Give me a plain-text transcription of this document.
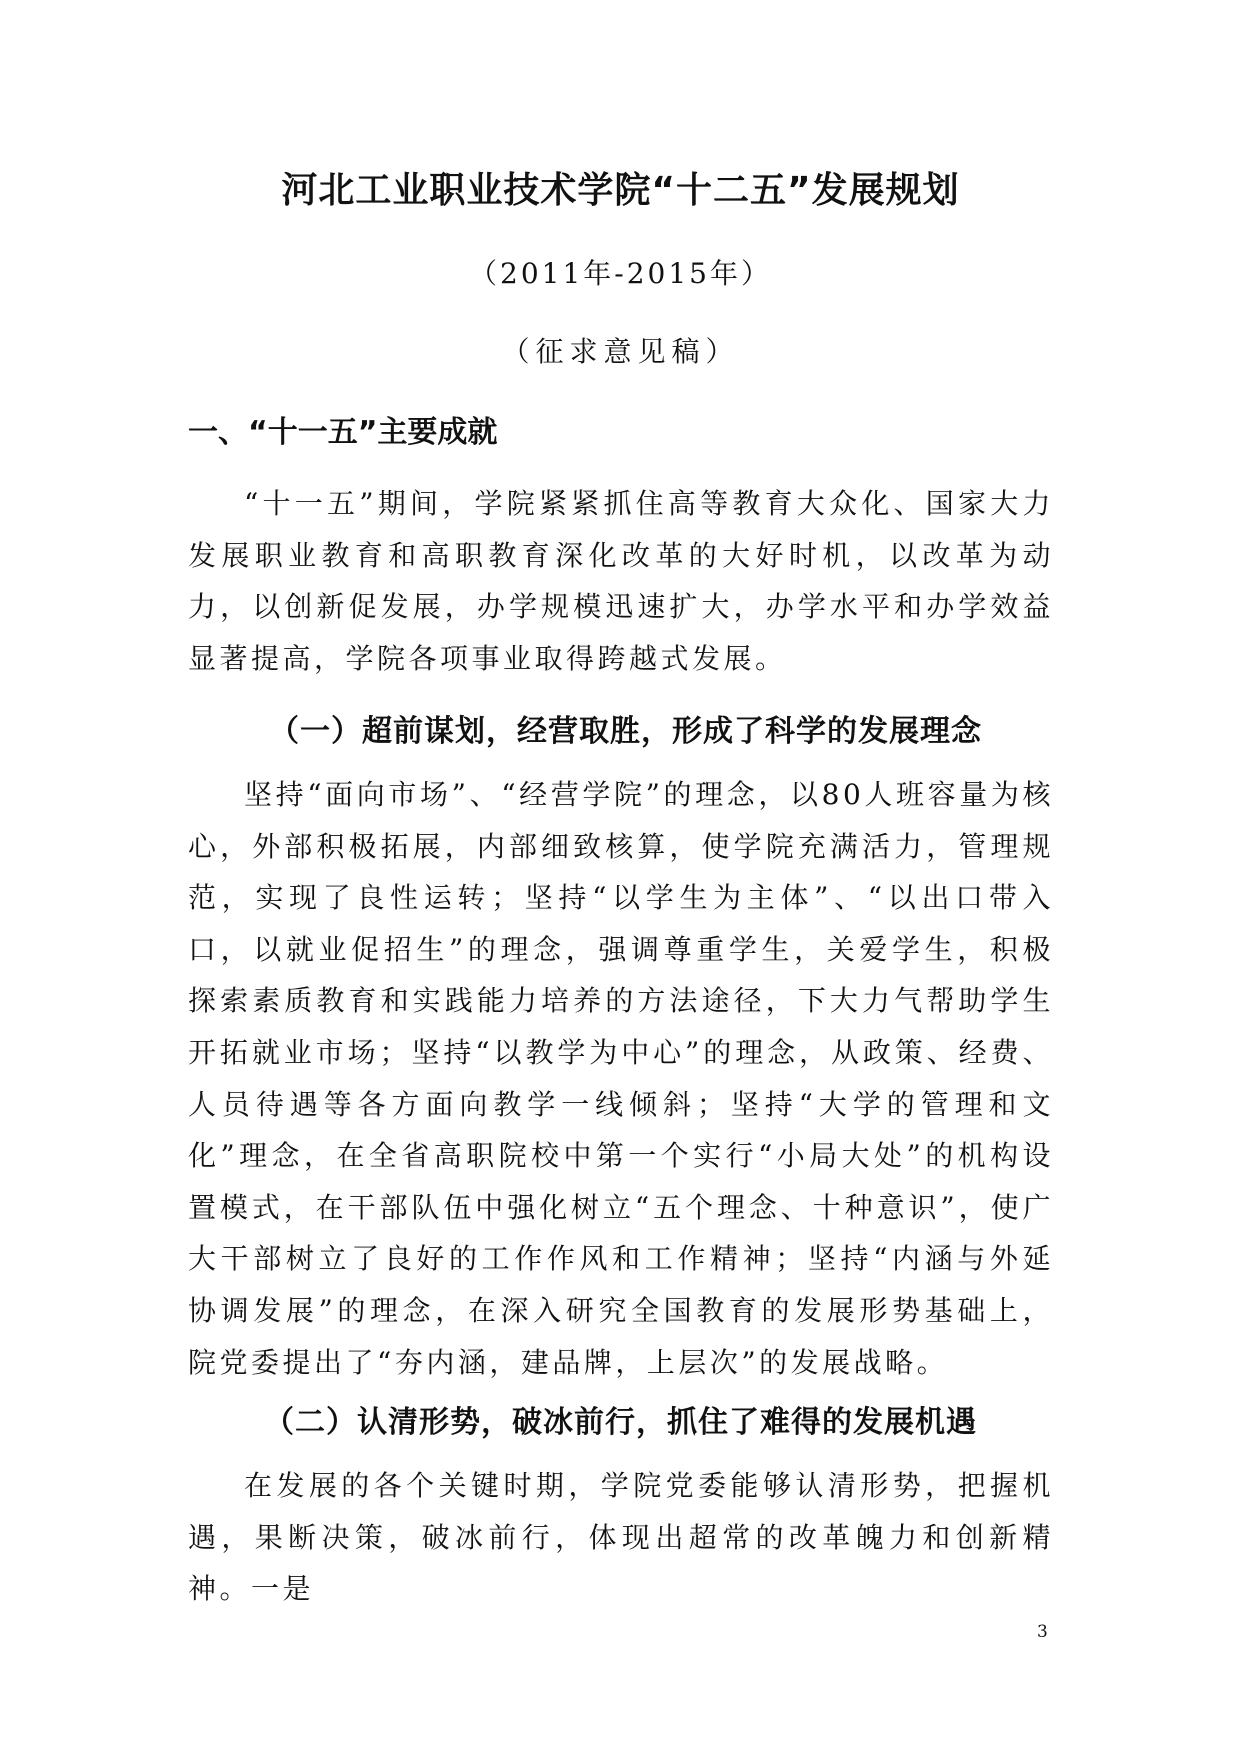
河北工业职业技术学院“十二五”发展规划

（2011年-2015年）

（征求意见稿）

一、“十一五”主要成就

“十一五”期间，学院紧紧抓住高等教育大众化、国家大力发展职业教育和高职教育深化改革的大好时机，以改革为动力，以创新促发展，办学规模迅速扩大，办学水平和办学效益显著提高，学院各项事业取得跨越式发展。

（一）超前谋划，经营取胜，形成了科学的发展理念

坚持“面向市场”、“经营学院”的理念，以80人班容量为核心，外部积极拓展，内部细致核算，使学院充满活力，管理规范，实现了良性运转；坚持“以学生为主体”、“以出口带入口，以就业促招生”的理念，强调尊重学生，关爱学生，积极探索素质教育和实践能力培养的方法途径，下大力气帮助学生开拓就业市场；坚持“以教学为中心”的理念，从政策、经费、人员待遇等各方面向教学一线倾斜；坚持“大学的管理和文化”理念，在全省高职院校中第一个实行“小局大处”的机构设置模式，在干部队伍中强化树立“五个理念、十种意识”，使广大干部树立了良好的工作作风和工作精神；坚持“内涵与外延协调发展”的理念，在深入研究全国教育的发展形势基础上，院党委提出了“夯内涵，建品牌，上层次”的发展战略。

（二）认清形势，破冰前行，抓住了难得的发展机遇

在发展的各个关键时期，学院党委能够认清形势，把握机遇，果断决策，破冰前行，体现出超常的改革魄力和创新精神。一是

3
